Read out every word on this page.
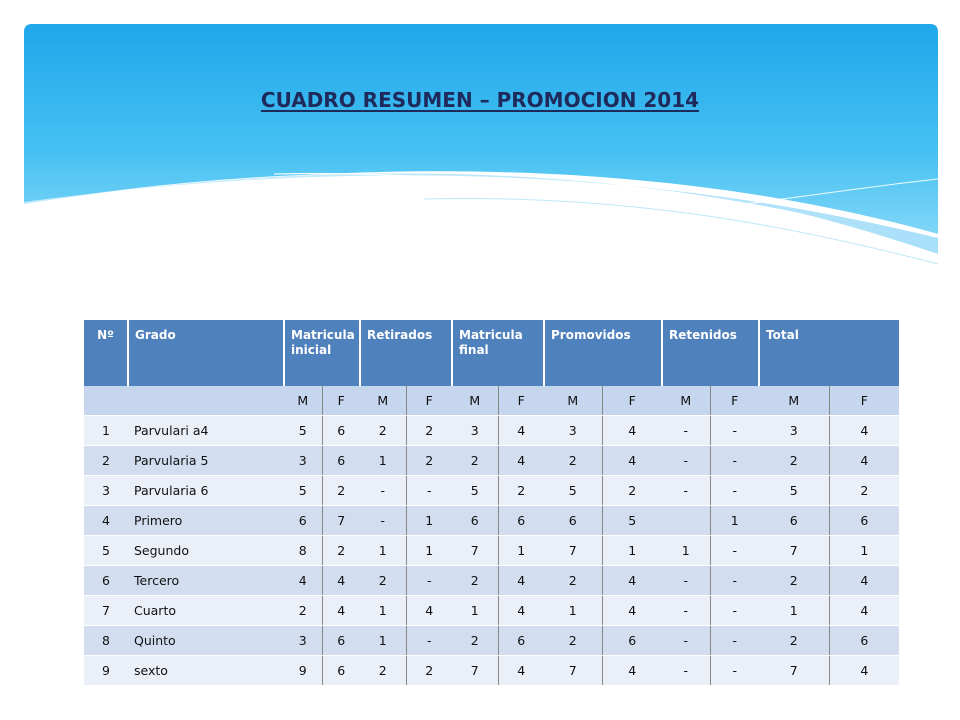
CUADRO RESUMEN – PROMOCION 2014
Nº	Grado	Matricula inicial		Retirados		Matricula final		Promovidos		Retenidos		Total	
		M	F	M	F	M	F	M	F	M	F	M	F
1	Parvulari a4	5	6	2	2	3	4	3	4	-	-	3	4
2	Parvularia 5	3	6	1	2	2	4	2	4	-	-	2	4
3	Parvularia 6	5	2	-	-	5	2	5	2	-	-	5	2
4	Primero	6	7	-	1	6	6	6	5		1	6	6
5	Segundo	8	2	1	1	7	1	7	1	1	-	7	1
6	Tercero	4	4	2	-	2	4	2	4	-	-	2	4
7	Cuarto	2	4	1	4	1	4	1	4	-	-	1	4
8	Quinto	3	6	1	-	2	6	2	6	-	-	2	6
9	sexto	9	6	2	2	7	4	7	4	-	-	7	4
